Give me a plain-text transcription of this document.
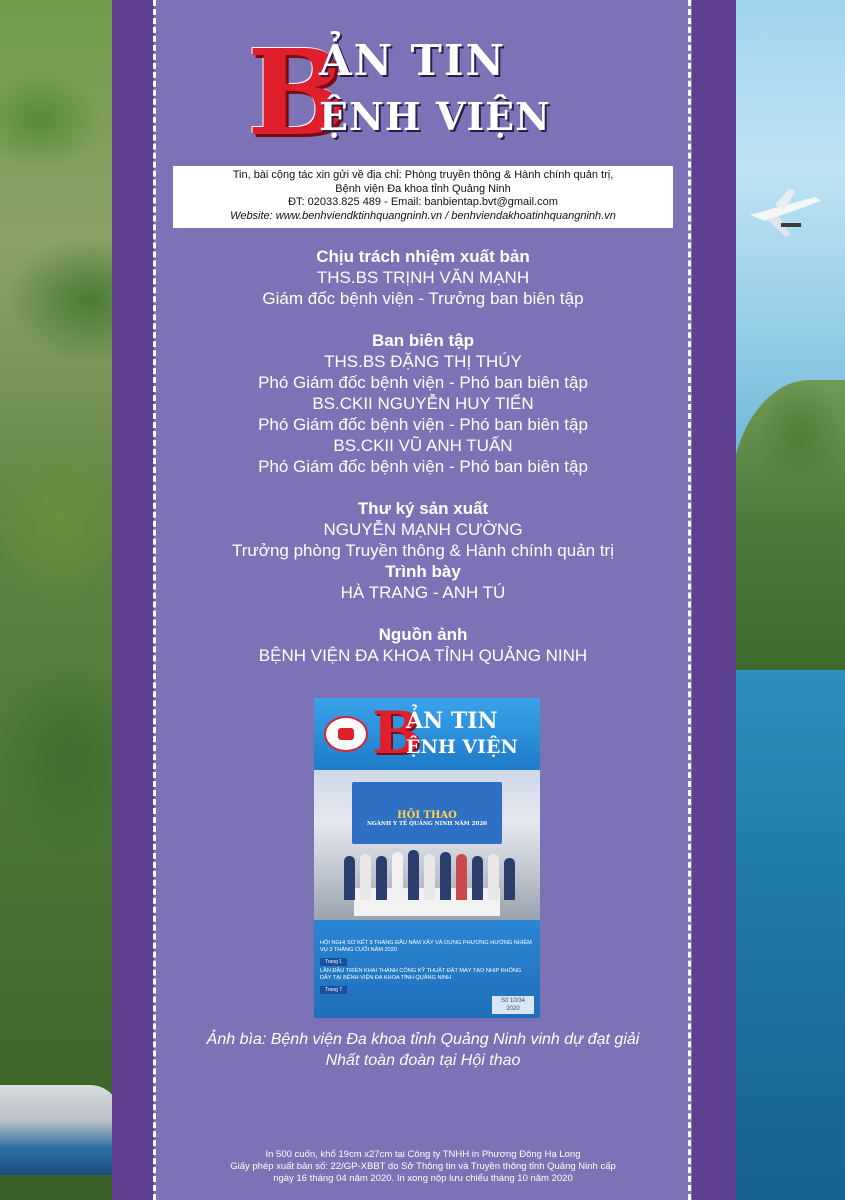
B
ẢN TIN
ỆNH VIỆN
Tin, bài cộng tác xin gửi về địa chỉ: Phòng truyền thông & Hành chính quản trị,
Bệnh viện Đa khoa tỉnh Quảng Ninh
ĐT: 02033.825 489 - Email: banbientap.bvt@gmail.com
Website: www.benhviendktinhquangninh.vn / benhviendakhoatinhquangninh.vn
Chịu trách nhiệm xuất bản
THS.BS TRỊNH VĂN MẠNH
Giám đốc bệnh viện - Trưởng ban biên tập
Ban biên tập
THS.BS ĐẶNG THỊ THÚY
Phó Giám đốc bệnh viện - Phó ban biên tập
BS.CKII NGUYỄN HUY TIẾN
Phó Giám đốc bệnh viện - Phó ban biên tập
BS.CKII VŨ ANH TUẤN
Phó Giám đốc bệnh viện - Phó ban biên tập
Thư ký sản xuất
NGUYỄN MẠNH CƯỜNG
Trưởng phòng Truyền thông & Hành chính quản trị
Trình bày
HÀ TRANG - ANH TÚ
Nguồn ảnh
BỆNH VIỆN ĐA KHOA TỈNH QUẢNG NINH
B
ẢN TIN
ỆNH VIỆN
HỘI THAO
NGÀNH Y TẾ QUẢNG NINH NĂM 2020
HỘI NGHỊ SƠ KẾT 9 THÁNG ĐẦU NĂM XÂY VÀ DỰNG PHƯƠNG HƯỚNG NHIỆM VỤ 3 THÁNG CUỐI NĂM 2020
Trang 1
LẦN ĐẦU TRIỂN KHAI THÀNH CÔNG KỸ THUẬT ĐẶT MÁY TẠO NHỊP KHÔNG DÂY TẠI BỆNH VIỆN ĐA KHOA TỈNH QUẢNG NINH
Trang 7
Số 10/34
2020
Ảnh bìa: Bệnh viện Đa khoa tỉnh Quảng Ninh vinh dự đạt giải
Nhất toàn đoàn tại Hội thao
In 500 cuốn, khổ 19cm x27cm tại Công ty TNHH in Phương Đông Hạ Long
Giấy phép xuất bản số: 22/GP-XBBT do Sở Thông tin và Truyền thông tỉnh Quảng Ninh cấp
ngày 16 tháng 04 năm 2020. In xong nộp lưu chiểu tháng 10 năm 2020
